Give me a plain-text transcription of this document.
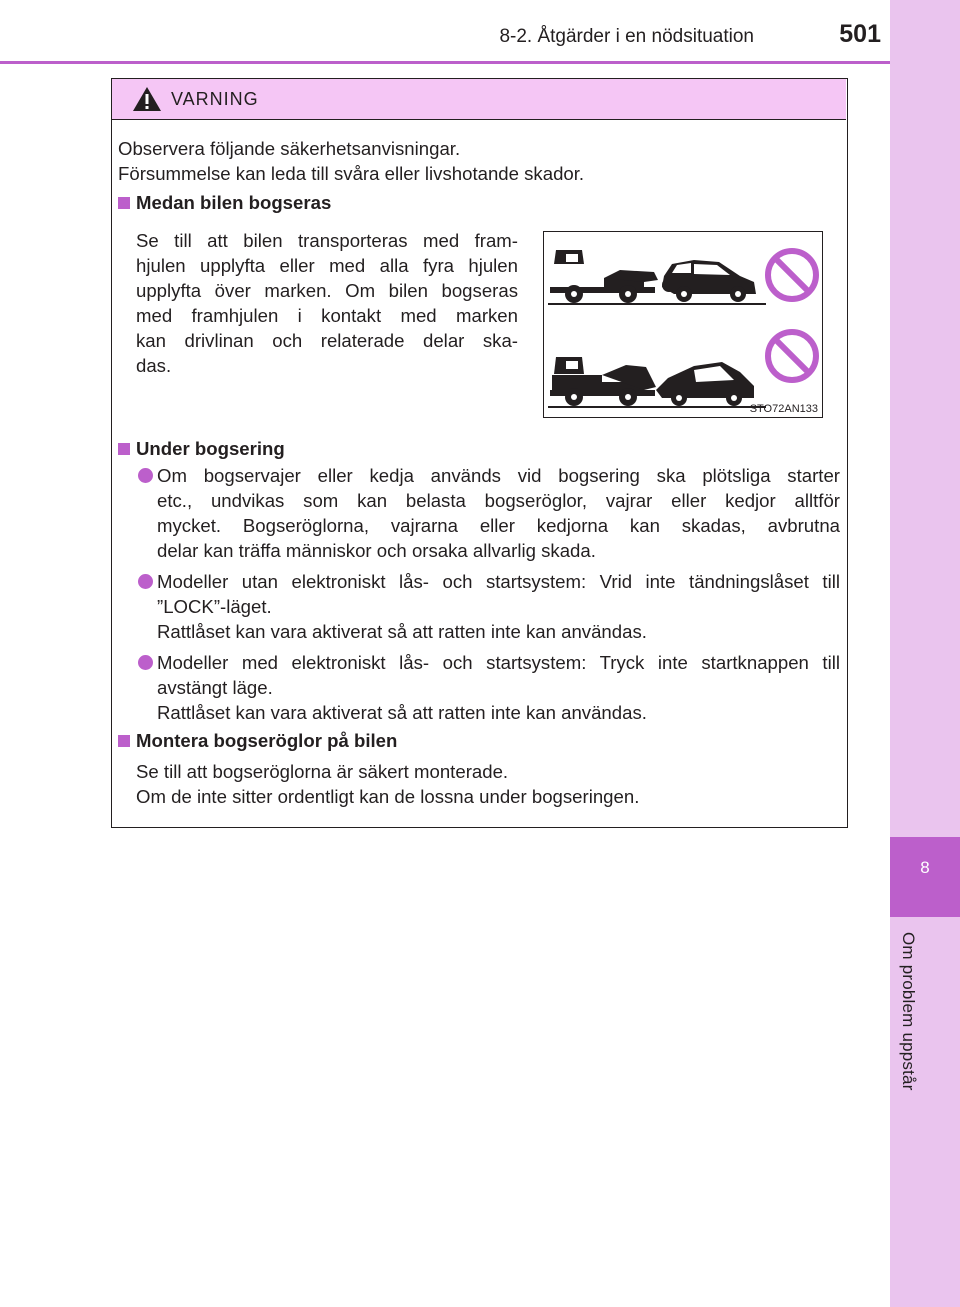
8
Om problem uppstår
8-2. Åtgärder i en nödsituation	501
VARNING
Observera följande säkerhetsanvisningar.
Försummelse kan leda till svåra eller livshotande skador.
Medan bilen bogseras
Se till att bilen transporteras med fram-
hjulen upplyfta eller med alla fyra hjulen
upplyfta över marken. Om bilen bogseras
med framhjulen i kontakt med marken
kan drivlinan och relaterade delar ska-
das.
STO72AN133
Under bogsering
Om bogservajer eller kedja används vid bogsering ska plötsliga starter
etc., undvikas som kan belasta bogseröglor, vajrar eller kedjor alltför
mycket. Bogseröglorna, vajrarna eller kedjorna kan skadas, avbrutna
delar kan träffa människor och orsaka allvarlig skada.
Modeller utan elektroniskt lås- och startsystem: Vrid inte tändningslåset till
”LOCK”-läget.
Rattlåset kan vara aktiverat så att ratten inte kan användas.
Modeller med elektroniskt lås- och startsystem: Tryck inte startknappen till
avstängt läge.
Rattlåset kan vara aktiverat så att ratten inte kan användas.
Montera bogseröglor på bilen
Se till att bogseröglorna är säkert monterade.
Om de inte sitter ordentligt kan de lossna under bogseringen.
